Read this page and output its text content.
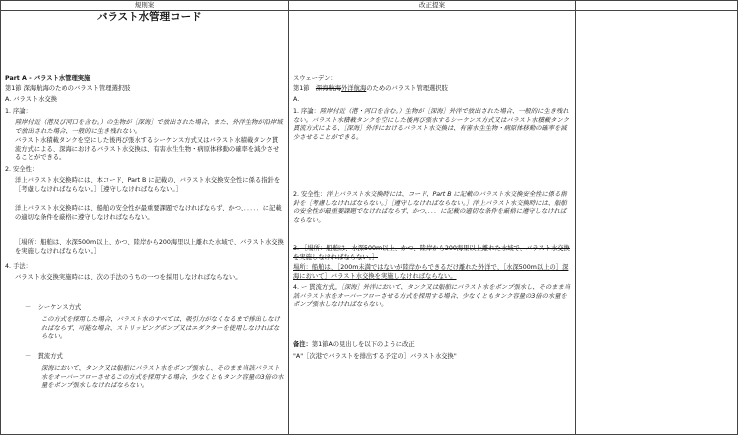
規則案	改正提案
バラスト水管理コード
Part A - バラスト水管理実施
第1節 深海航海のためのバラスト管理選択肢
A. バラスト水交換
1. 序論：

陸岸付近（港及び河口を含む。）の生物が［深海］で放出された場合、また、外洋生物が沿岸域で放出された場合、一般的に生き残れない。

バラスト水積載タンクを空にした後再び張水するシーケンス方式又はバラスト水積載タンク貫流方式による、深海におけるバラスト水交換は、有害水生生物・病原体移動の確率を減少させることができる。

2. 安全性：

洋上バラスト水交換時には、本コード、Part B に記載の、バラスト水交換安全性に係る指針を［考慮しなければならない。］［遵守しなければならない。］

洋上バラスト水交換時には、船舶の安全性が最重要課題でなければならず、かつ、．．．．．に記載の適切な条件を厳格に遵守しなければならない。

［場所：船舶は、水深500m以上、かつ、陸岸から200海里以上離れた水域で、バラスト水交換を実施しなければならない。］

4. 手法：

バラスト水交換実施時には、次の手法のうちの一つを採用しなければならない。

－　シーケンス方式

この方式を採用した場合、バラスト水のすべては、吸引力がなくなるまで排出しなければならず、可能な場合、ストリッピングポンプ又はエダクターを使用しなければならない。

－　貫流方式

深海において、タンク又は船舶にバラスト水をポンプ張水し、そのまま当該バラスト水をオーバーフローさせるこの方式を採用する場合、少なくともタンク容量の3倍の水量をポンプ張水しなければならない。

スウェーデン：
第1節　 深海航海外洋航海のためのバラスト管理選択肢
A.

1. 序論：陸岸付近（港・河口を含む。）生物が［深海］外洋で放出された場合、一般的に生き残れない。バラスト水積載タンクを空にした後再び張水するシーケンス方式又はバラスト水積載タンク貫流方式による、［深海］外洋におけるバラスト水交換は、有害水生生物・病原体移動の確率を減少させることができる。

2. 安全性：洋上バラスト水交換時には、コード、Part B に記載のバラスト水交換安全性に係る指針を［考慮しなければならない。］［遵守しなければならない。］洋上バラスト水交換時には、船舶の安全性が最重要課題でなければならず、かつ、．．．に記載の適切な条件を厳格に遵守しなければならない。

3. ［場所：船舶は、水深500m以上、かつ、陸岸から200海里以上離れた水域で、バラスト水交換を実施しなければならない。］

場所：船舶は、［200m未満ではないが陸岸からできるだけ離れた外洋で、［水深500m以上の］深海において］バラスト水交換を実施しなければならない。

4. ー 貫流方式。［深海］外洋において、タンク又は船舶にバラスト水をポンプ張水し、そのまま当該バラスト水をオーバーフローさせる方式を採用する場合、少なくともタンク容量の3倍の水量をポンプ張水しなければならない。

备注：第1節Aの見出しを以下のように改正
"A"［次港でバラストを排出する予定の］バラスト水交換"
